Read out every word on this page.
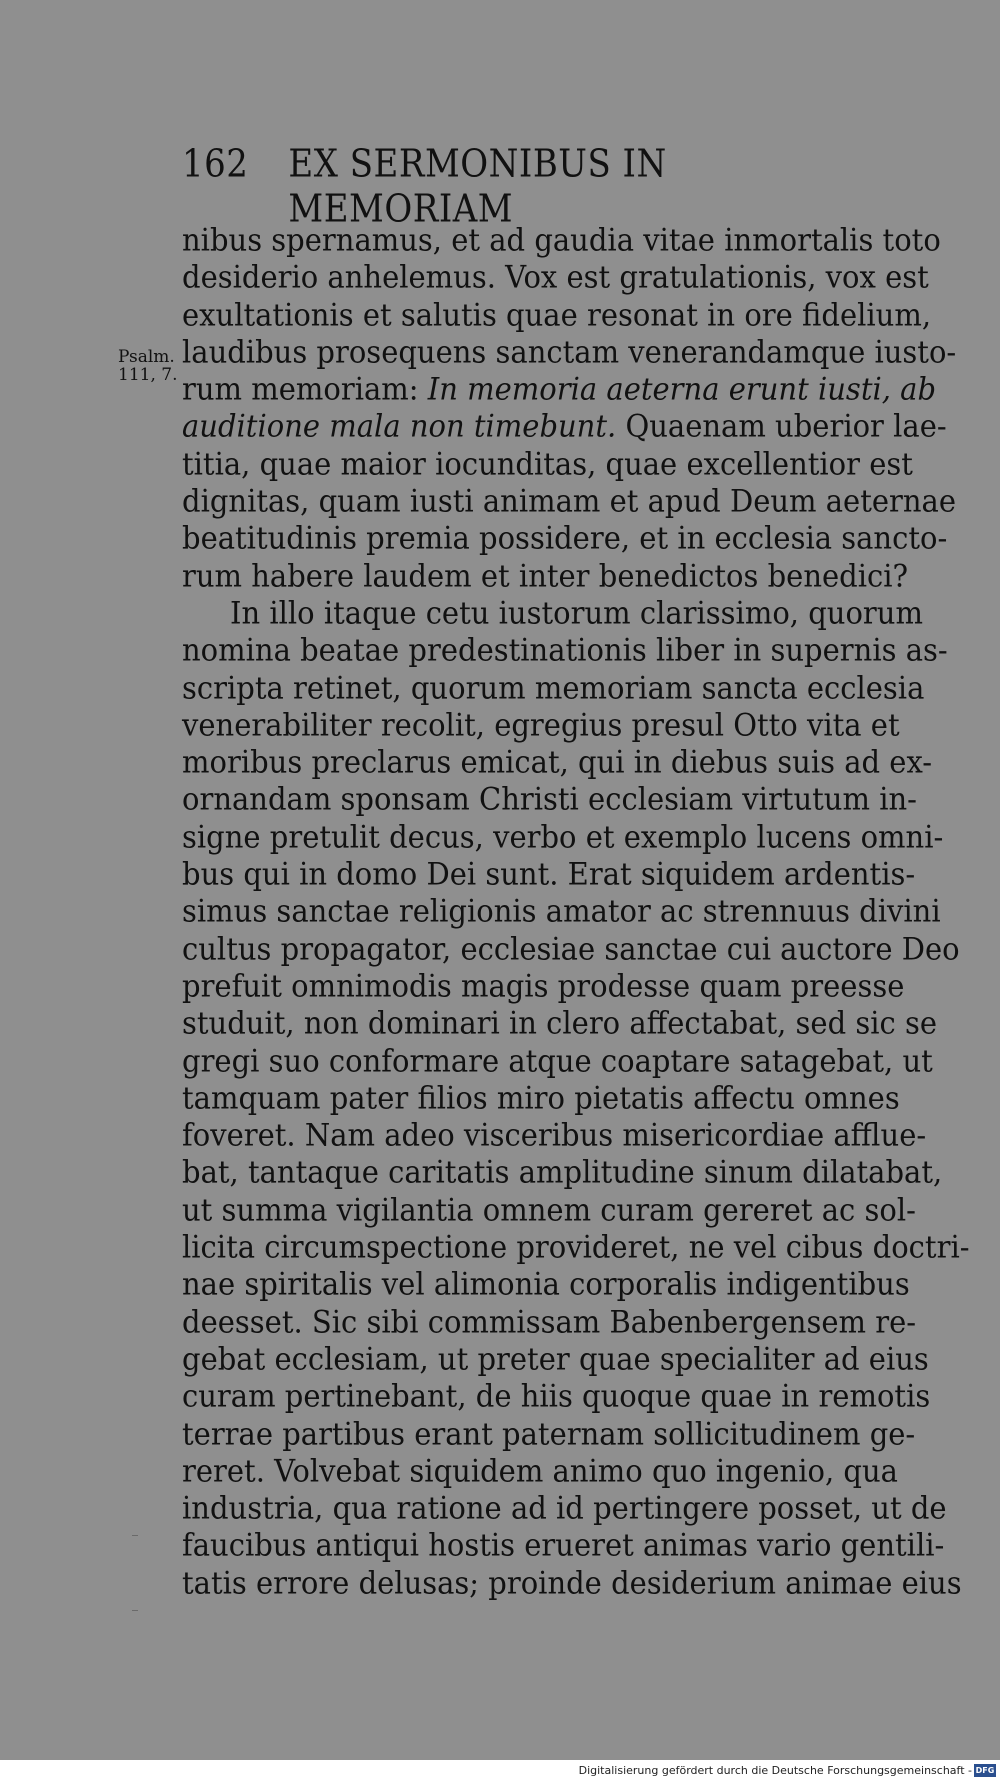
162 EX SERMONIBUS IN MEMORIAM
Psalm.
111, 7.
nibus spernamus, et ad gaudia vitae inmortalis toto
desiderio anhelemus. Vox est gratulationis, vox est
exultationis et salutis quae resonat in ore fidelium,
laudibus prosequens sanctam venerandamque iusto-
rum memoriam: In memoria aeterna erunt iusti, ab
auditione mala non timebunt. Quaenam uberior lae-
titia, quae maior iocunditas, quae excellentior est
dignitas, quam iusti animam et apud Deum aeternae
beatitudinis premia possidere, et in ecclesia sancto-
rum habere laudem et inter benedictos benedici?
In illo itaque cetu iustorum clarissimo, quorum
nomina beatae predestinationis liber in supernis as-
scripta retinet, quorum memoriam sancta ecclesia
venerabiliter recolit, egregius presul Otto vita et
moribus preclarus emicat, qui in diebus suis ad ex-
ornandam sponsam Christi ecclesiam virtutum in-
signe pretulit decus, verbo et exemplo lucens omni-
bus qui in domo Dei sunt. Erat siquidem ardentis-
simus sanctae religionis amator ac strennuus divini
cultus propagator, ecclesiae sanctae cui auctore Deo
prefuit omnimodis magis prodesse quam preesse
studuit, non dominari in clero affectabat, sed sic se
gregi suo conformare atque coaptare satagebat, ut
tamquam pater filios miro pietatis affectu omnes
foveret. Nam adeo visceribus misericordiae afflue-
bat, tantaque caritatis amplitudine sinum dilatabat,
ut summa vigilantia omnem curam gereret ac sol-
licita circumspectione provideret, ne vel cibus doctri-
nae spiritalis vel alimonia corporalis indigentibus
deesset. Sic sibi commissam Babenbergensem re-
gebat ecclesiam, ut preter quae specialiter ad eius
curam pertinebant, de hiis quoque quae in remotis
terrae partibus erant paternam sollicitudinem ge-
reret. Volvebat siquidem animo quo ingenio, qua
industria, qua ratione ad id pertingere posset, ut de
faucibus antiqui hostis erueret animas vario gentili-
tatis errore delusas; proinde desiderium animae eius
Digitalisierung gefördert durch die Deutsche Forschungsgemeinschaft - DFG
